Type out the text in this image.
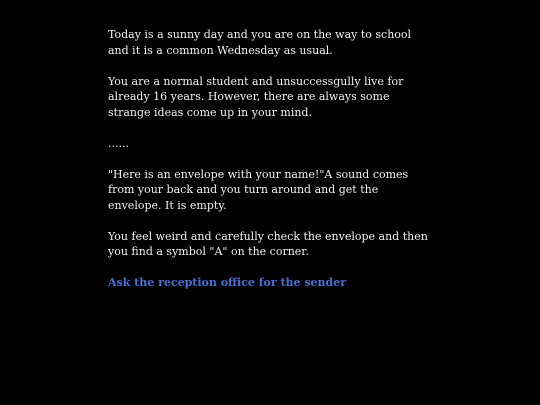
Today is a sunny day and you are on the way to school and it is a common Wednesday as usual.

You are a normal student and unsuccessgully live for already 16 years. However, there are always some strange ideas come up in your mind.

......

"Here is an envelope with your name!"A sound comes from your back and you turn around and get the envelope. It is empty.

You feel weird and carefully check the envelope and then you find a symbol "A" on the corner.

Ask the reception office for the sender
